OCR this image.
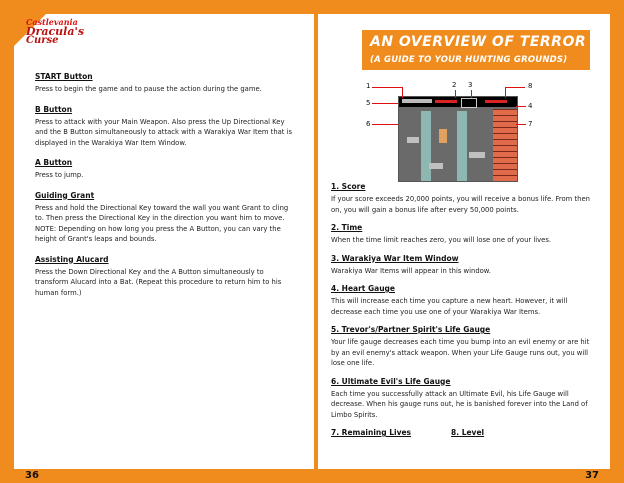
Castlevania
Dracula's
Curse	AN OVERVIEW OF TERROR
(A GUIDE TO YOUR HUNTING GROUNDS)

START Button

Press to begin the game and to pause the action during the game.

B Button

Press to attack with your Main Weapon. Also press the Up Directional Key and the B Button simultaneously to attack with a Warakiya War Item that is displayed in the Warakiya War Item Window.

A Button

Press to jump.

Guiding Grant

Press and hold the Directional Key toward the wall you want Grant to cling to. Then press the Directional Key in the direction you want him to move.

NOTE: Depending on how long you press the A Button, you can vary the height of Grant's leaps and bounds.

Assisting Alucard

Press the Down Directional Key and the A Button simultaneously to transform Alucard into a Bat. (Repeat this procedure to return him to his human form.)

1	2 3	8
5	4
6	7

1. Score

If your score exceeds 20,000 points, you will receive a bonus life. From then on, you will gain a bonus life after every 50,000 points.

2. Time

When the time limit reaches zero, you will lose one of your lives.

3. Warakiya War Item Window

Warakiya War Items will appear in this window.

4. Heart Gauge

This will increase each time you capture a new heart. However, it will decrease each time you use one of your Warakiya War Items.

5. Trevor's/Partner Spirit's Life Gauge

Your life gauge decreases each time you bump into an evil enemy or are hit by an evil enemy's attack weapon. When your Life Gauge runs out, you will lose one life.

6. Ultimate Evil's Life Gauge

Each time you successfully attack an Ultimate Evil, his Life Gauge will decrease. When his gauge runs out, he is banished forever into the Land of Limbo Spirits.

7. Remaining Lives	8. Level

36	37
